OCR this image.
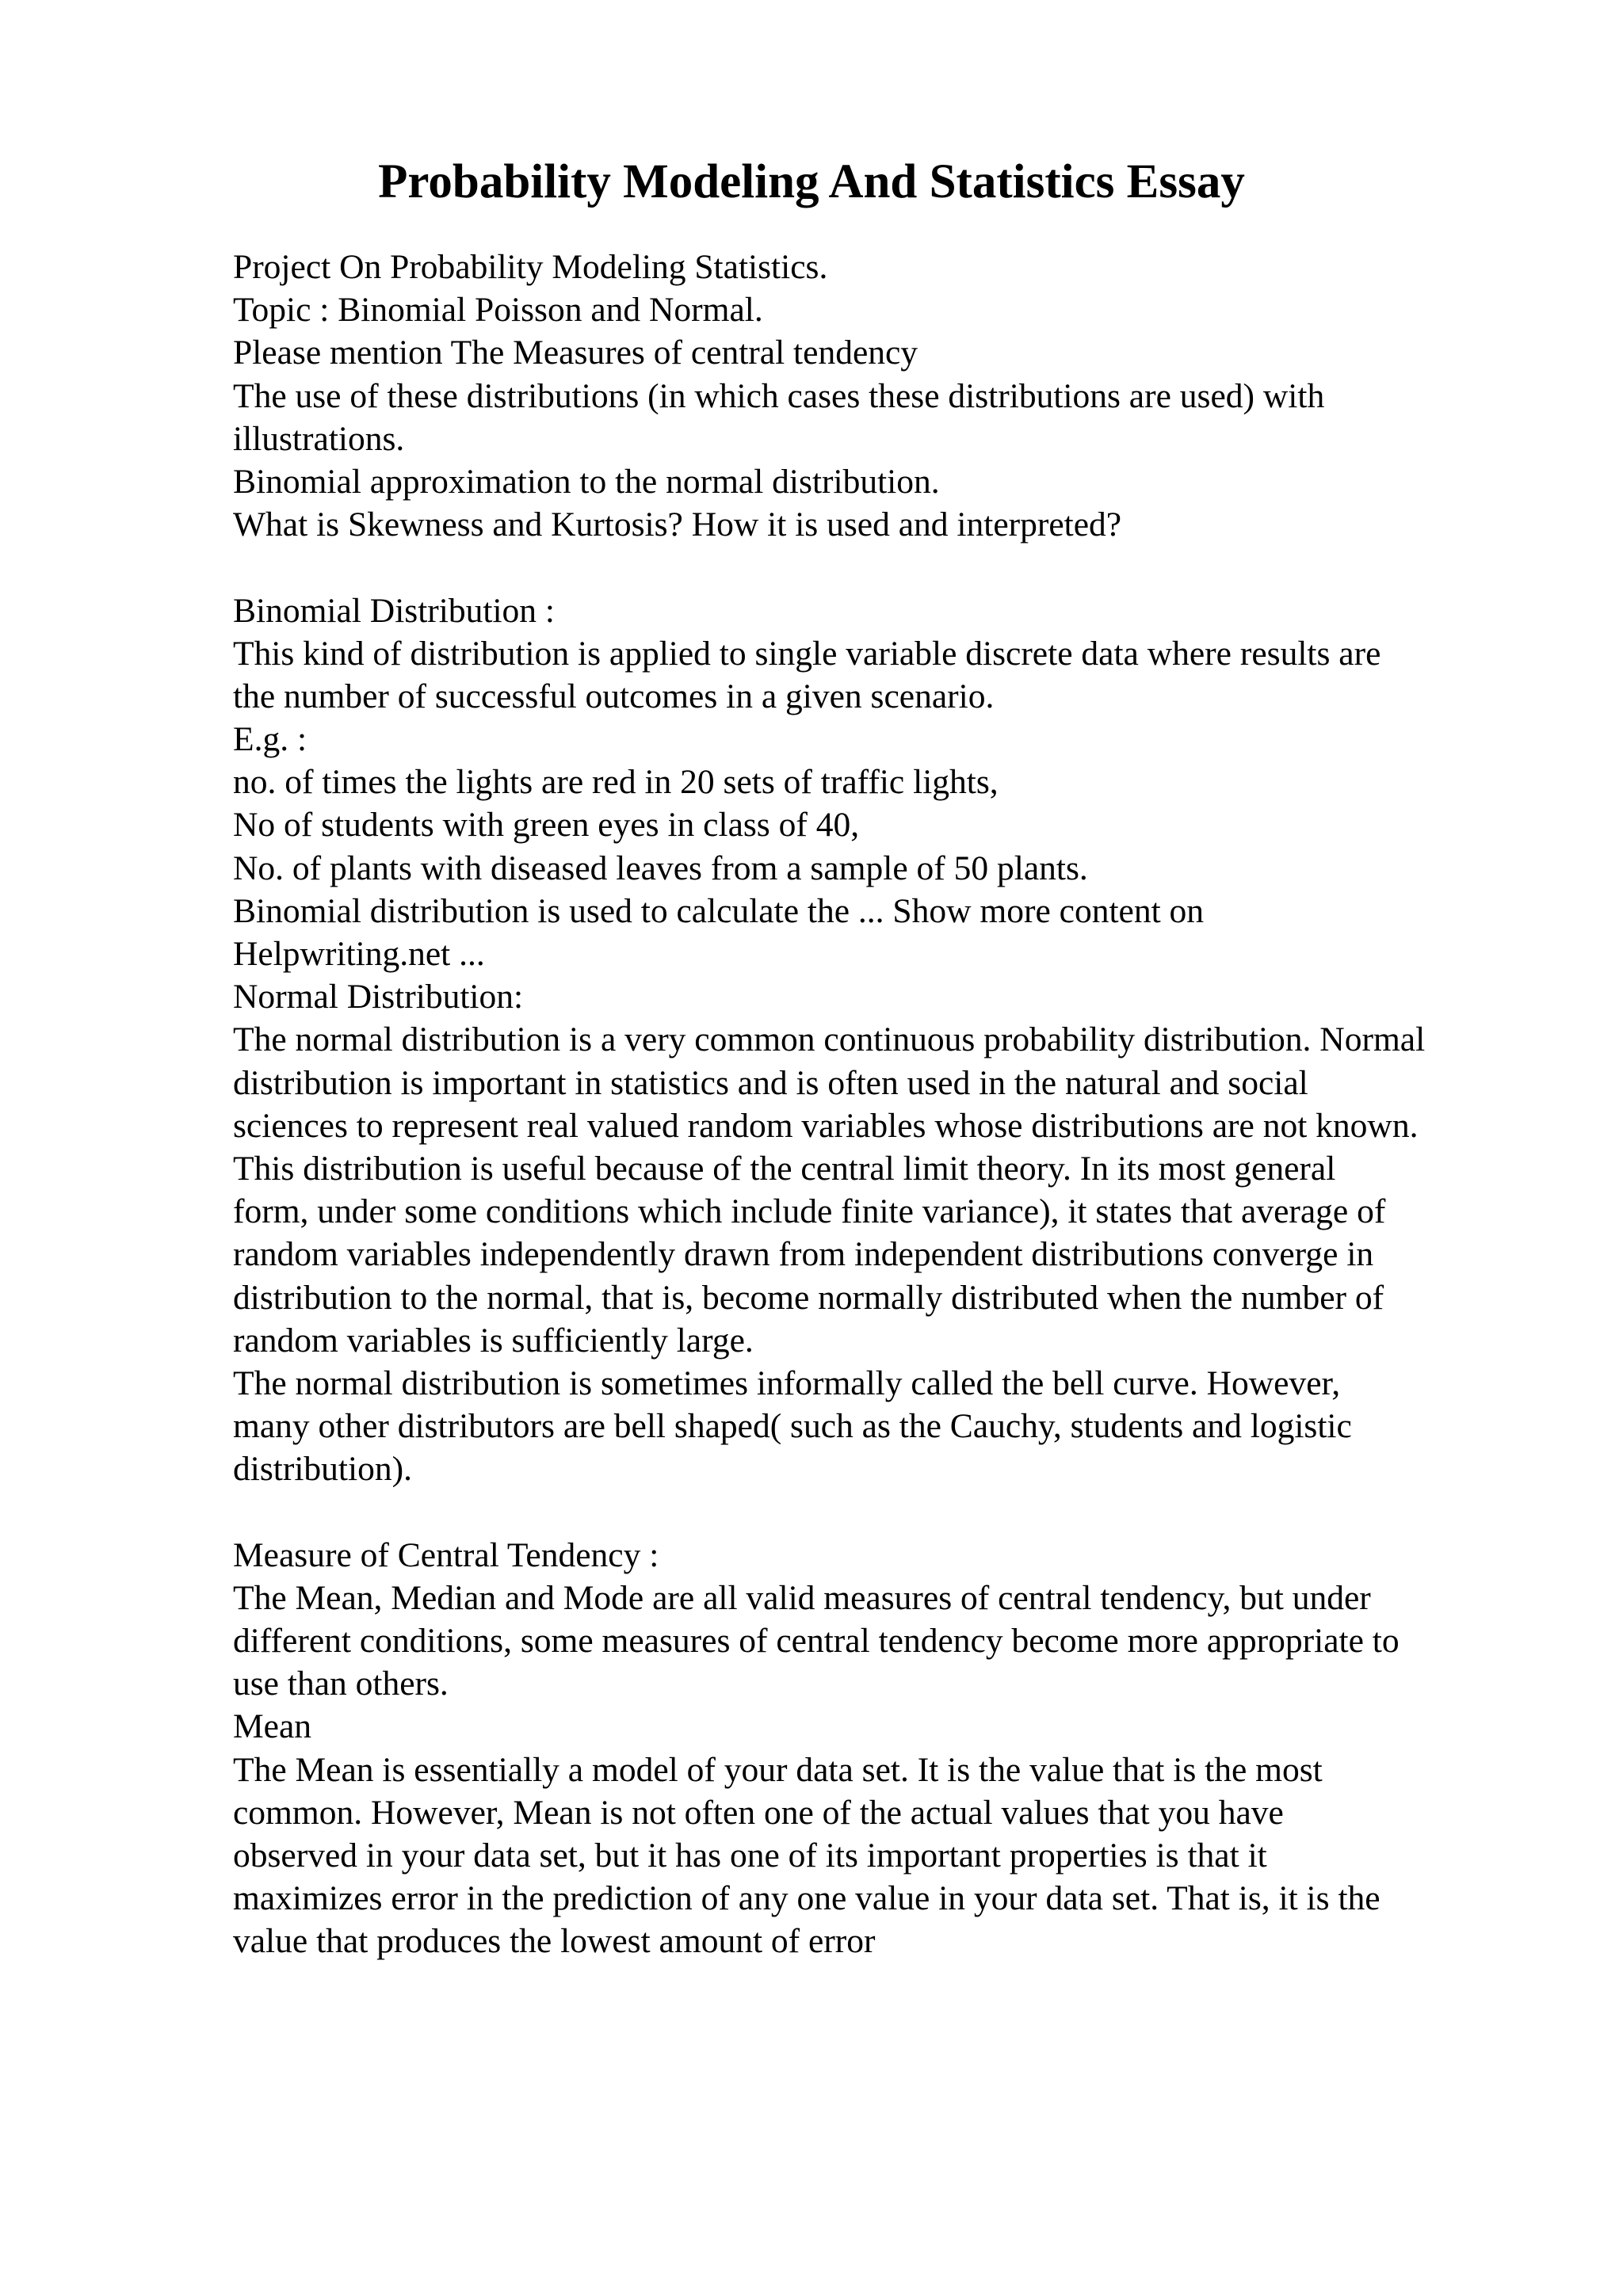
Probability Modeling And Statistics Essay
Project On Probability Modeling Statistics.
Topic : Binomial Poisson and Normal.
Please mention The Measures of central tendency
The use of these distributions (in which cases these distributions are used) with
illustrations.
Binomial approximation to the normal distribution.
What is Skewness and Kurtosis? How it is used and interpreted?
Binomial Distribution :
This kind of distribution is applied to single variable discrete data where results are
the number of successful outcomes in a given scenario.
E.g. :
no. of times the lights are red in 20 sets of traffic lights,
No of students with green eyes in class of 40,
No. of plants with diseased leaves from a sample of 50 plants.
Binomial distribution is used to calculate the ... Show more content on
Helpwriting.net ...
Normal Distribution:
The normal distribution is a very common continuous probability distribution. Normal
distribution is important in statistics and is often used in the natural and social
sciences to represent real valued random variables whose distributions are not known.
This distribution is useful because of the central limit theory. In its most general
form, under some conditions which include finite variance), it states that average of
random variables independently drawn from independent distributions converge in
distribution to the normal, that is, become normally distributed when the number of
random variables is sufficiently large.
The normal distribution is sometimes informally called the bell curve. However,
many other distributors are bell shaped( such as the Cauchy, students and logistic
distribution).
Measure of Central Tendency :
The Mean, Median and Mode are all valid measures of central tendency, but under
different conditions, some measures of central tendency become more appropriate to
use than others.
Mean
The Mean is essentially a model of your data set. It is the value that is the most
common. However, Mean is not often one of the actual values that you have
observed in your data set, but it has one of its important properties is that it
maximizes error in the prediction of any one value in your data set. That is, it is the
value that produces the lowest amount of error
